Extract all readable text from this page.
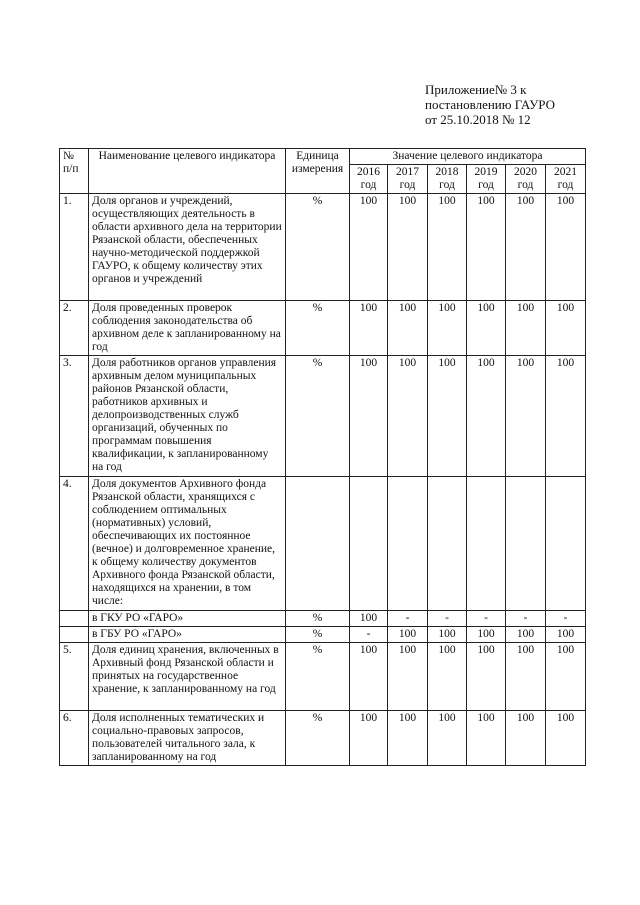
Приложение№ 3 к
постановлению ГАУРО
от 25.10.2018 № 12
№ п/п	Наименование целевого индикатора	Единица измерения	Значение целевого индикатора					
			2016 год	2017 год	2018 год	2019 год	2020 год	2021 год
1.	Доля органов и учреждений, осуществляющих деятельность в области архивного дела на территории Рязанской области, обеспеченных научно-методической поддержкой ГАУРО, к общему количеству этих органов и учреждений	%	100	100	100	100	100	100
2.	Доля проведенных проверок соблюдения законодательства об архивном деле к запланированному на год	%	100	100	100	100	100	100
3.	Доля работников органов управления архивным делом муниципальных районов Рязанской области, работников архивных и делопроизводственных служб организаций, обученных по программам повышения квалификации, к запланированному на год	%	100	100	100	100	100	100
4.	Доля документов Архивного фонда Рязанской области, хранящихся с соблюдением оптимальных (нормативных) условий, обеспечивающих их постоянное (вечное) и долговременное хранение, к общему количеству документов Архивного фонда Рязанской области, находящихся на хранении, в том числе:							
	в ГКУ РО «ГАРО»	%	100	-	-	-	-	-
	в ГБУ РО «ГАРО»	%	-	100	100	100	100	100
5.	Доля единиц хранения, включенных в Архивный фонд Рязанской области и принятых на государственное хранение, к запланированному на год	%	100	100	100	100	100	100
6.	Доля исполненных тематических и социально-правовых запросов, пользователей читального зала, к запланированному на год	%	100	100	100	100	100	100
